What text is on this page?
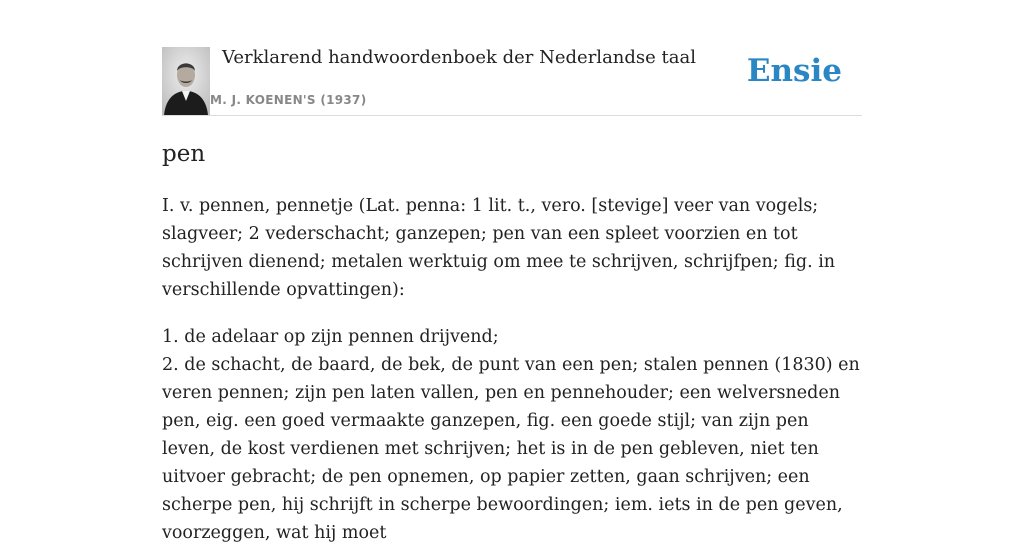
Verklarend handwoordenboek der Nederlandse taal
M. J. KOENEN'S (1937)
Ensie
pen

I. v. pennen, pennetje (Lat. penna: 1 lit. t., vero. [stevige] veer van vogels; slagveer; 2 vederschacht; ganzepen; pen van een spleet voorzien en tot schrijven dienend; metalen werktuig om mee te schrijven, schrijfpen; fig. in verschillende opvattingen):

1. de adelaar op zijn pennen drijvend;
2. de schacht, de baard, de bek, de punt van een pen; stalen pennen (1830) en veren pennen; zijn pen laten vallen, pen en pennehouder; een welversneden pen, eig. een goed vermaakte ganzepen, fig. een goede stijl; van zijn pen leven, de kost verdienen met schrijven; het is in de pen gebleven, niet ten uitvoer gebracht; de pen opnemen, op papier zetten, gaan schrijven; een scherpe pen, hij schrijft in scherpe bewoordingen; iem. iets in de pen geven, voorzeggen, wat hij moet
